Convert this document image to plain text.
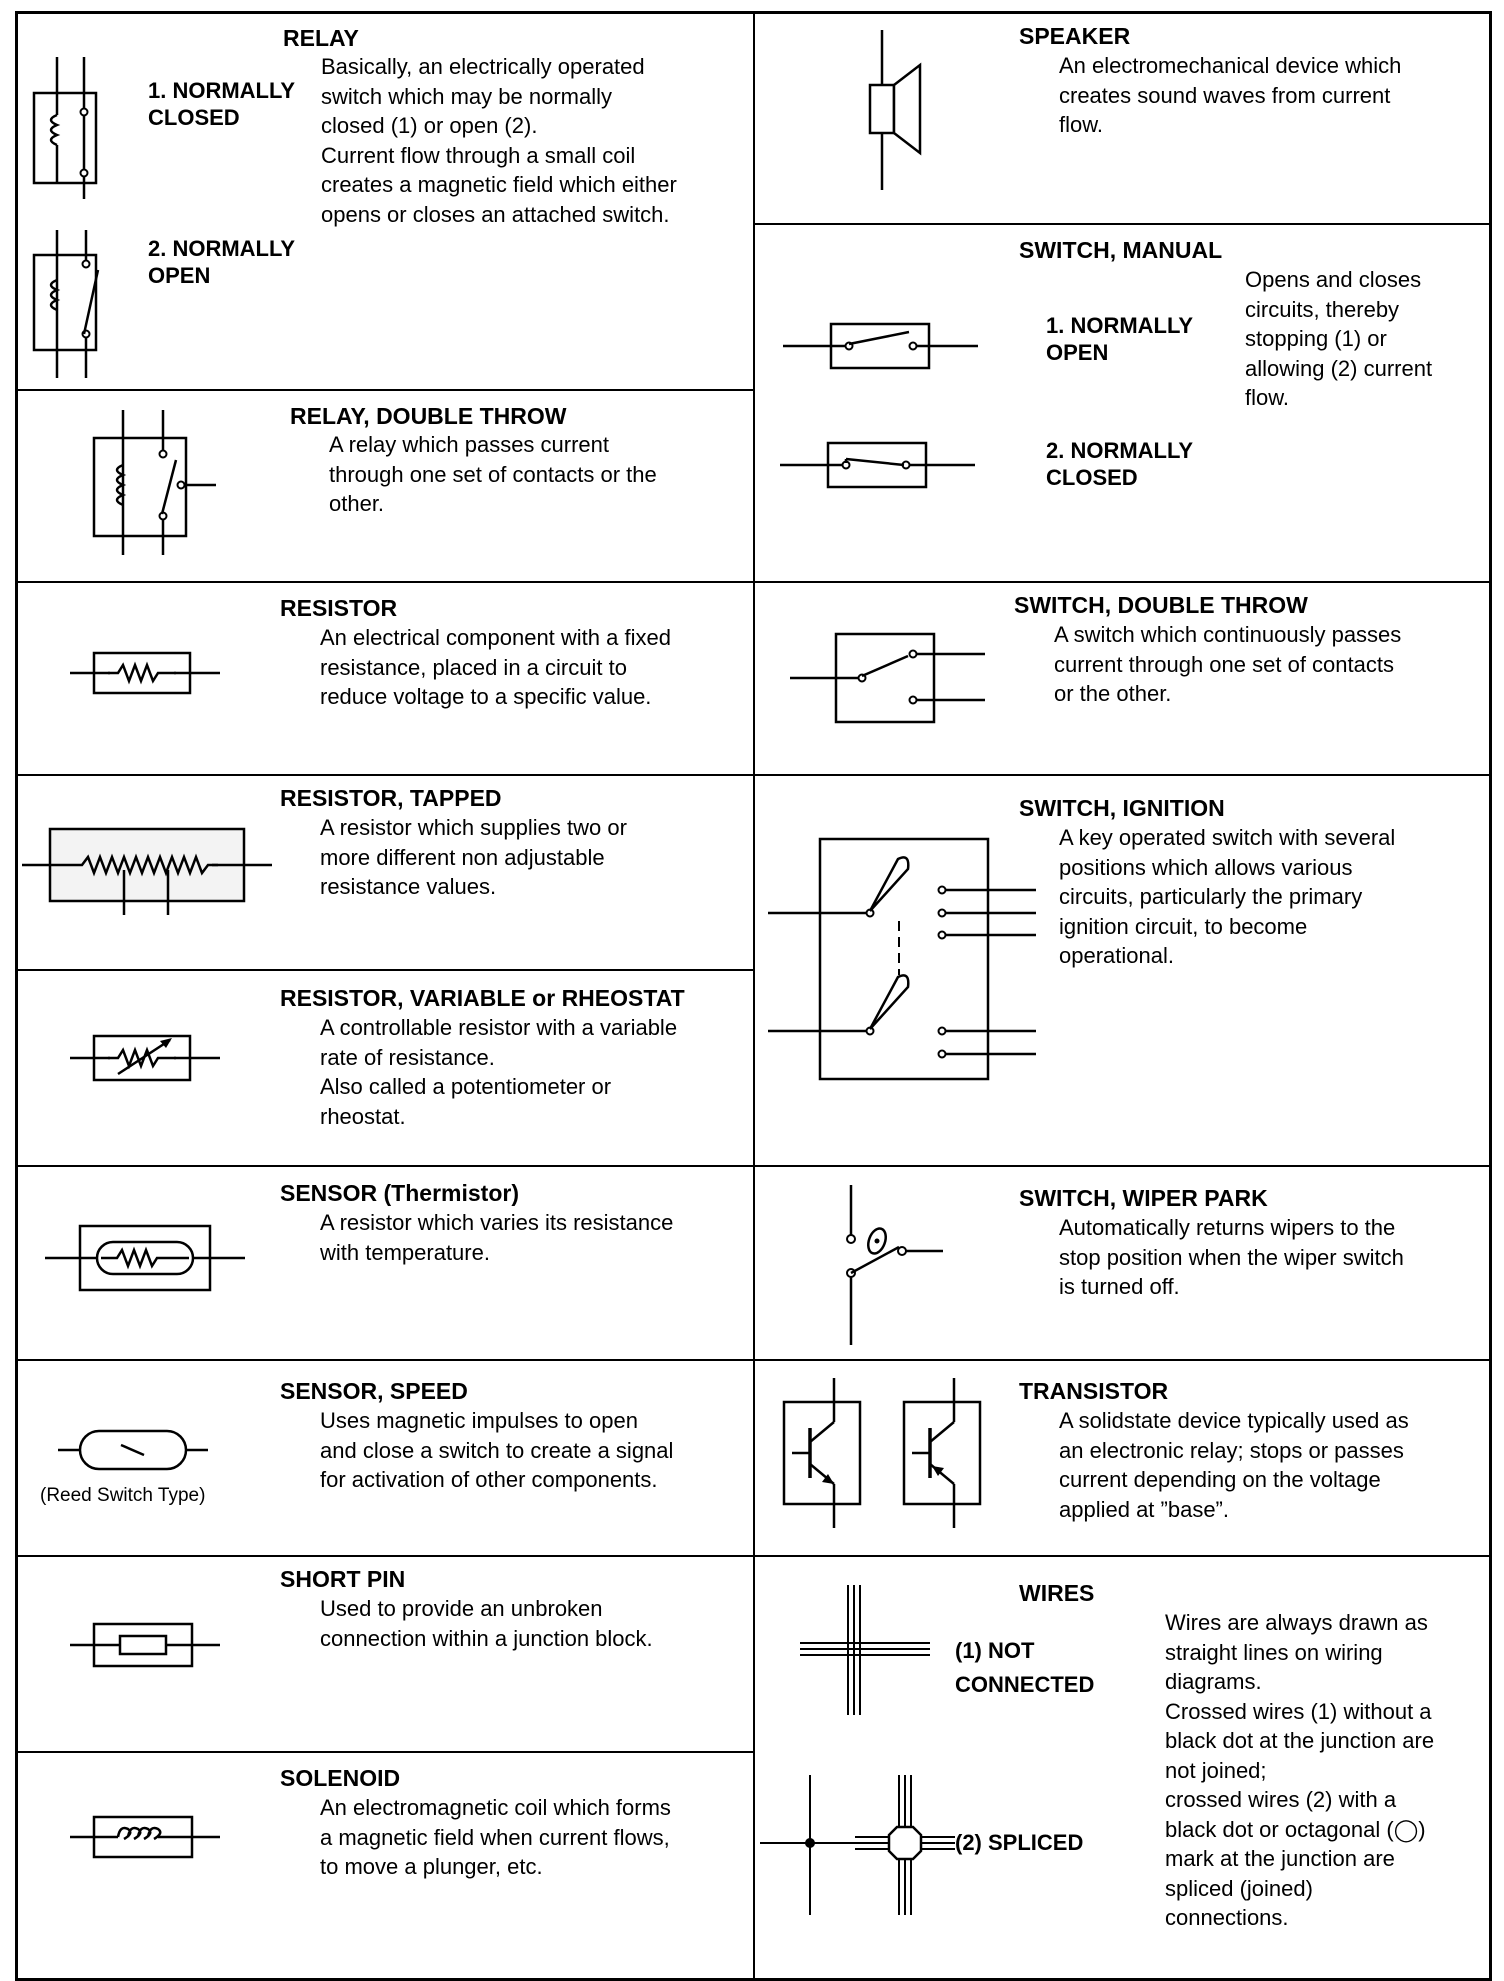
RELAY
1. NORMALLY
CLOSED
2. NORMALLY
OPEN
Basically, an electrically operated
switch which may be normally
closed (1) or open (2).
Current flow through a small coil
creates a magnetic field which either
opens or closes an attached switch.
RELAY, DOUBLE THROW
A relay which passes current
through one set of contacts or the
other.
RESISTOR
An electrical component with a fixed
resistance, placed in a circuit to
reduce voltage to a specific value.
RESISTOR, TAPPED
A resistor which supplies two or
more different non adjustable
resistance values.
RESISTOR, VARIABLE or RHEOSTAT
A controllable resistor with a variable
rate of resistance.
Also called a potentiometer or
rheostat.
SENSOR (Thermistor)
A resistor which varies its resistance
with temperature.
(Reed Switch Type)
SENSOR, SPEED
Uses magnetic impulses to open
and close a switch to create a signal
for activation of other components.
SHORT PIN
Used to provide an unbroken
connection within a junction block.
SOLENOID
An electromagnetic coil which forms
a magnetic field when current flows,
to move a plunger, etc.
SPEAKER
An electromechanical device which
creates sound waves from current
flow.
SWITCH, MANUAL
1. NORMALLY
OPEN
2. NORMALLY
CLOSED
Opens and closes
circuits, thereby
stopping (1) or
allowing (2) current
flow.
SWITCH, DOUBLE THROW
A switch which continuously passes
current through one set of contacts
or the other.
SWITCH, IGNITION
A key operated switch with several
positions which allows various
circuits, particularly the primary
ignition circuit, to become
operational.
SWITCH, WIPER PARK
Automatically returns wipers to the
stop position when the wiper switch
is turned off.
TRANSISTOR
A solidstate device typically used as
an electronic relay; stops or passes
current depending on the voltage
applied at ”base”.
WIRES
(1) NOT
CONNECTED
(2) SPLICED
Wires are always drawn as
straight lines on wiring
diagrams.
Crossed wires (1) without a
black dot at the junction are
not joined;
crossed wires (2) with a
black dot or octagonal (◯)
mark at the junction are
spliced (joined)
connections.
